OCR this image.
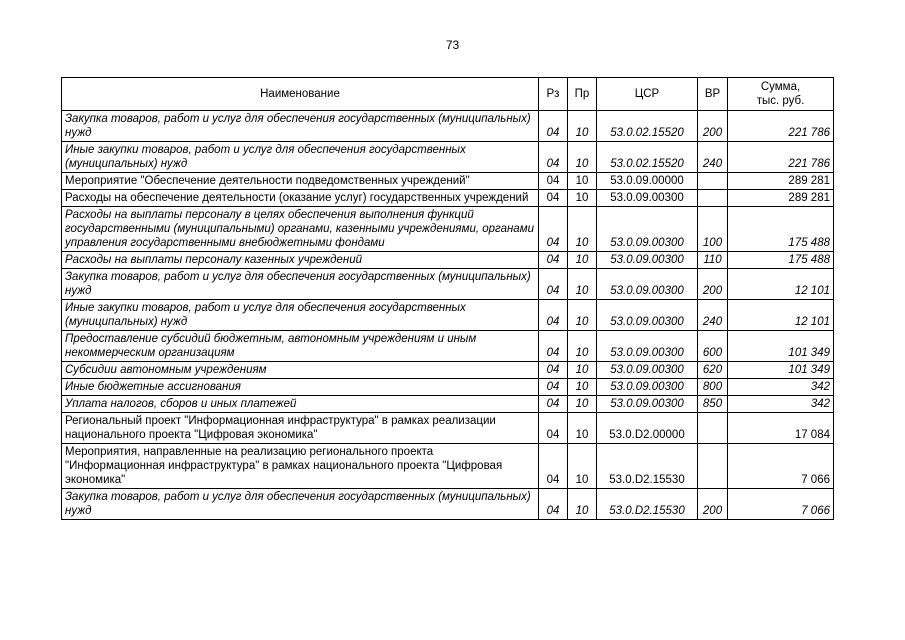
73
Наименование	Рз	Пр	ЦСР	ВР	Сумма,
тыс. руб.
Закупка товаров, работ и услуг для обеспечения государственных (муниципальных) нужд	04	10	53.0.02.15520	200	221 786
Иные закупки товаров, работ и услуг для обеспечения государственных (муниципальных) нужд	04	10	53.0.02.15520	240	221 786
Мероприятие "Обеспечение деятельности подведомственных учреждений"	04	10	53.0.09.00000		289 281
Расходы на обеспечение деятельности (оказание услуг) государственных учреждений	04	10	53.0.09.00300		289 281
Расходы на выплаты персоналу в целях обеспечения выполнения функций государственными (муниципальными) органами, казенными учреждениями, органами управления государственными внебюджетными фондами	04	10	53.0.09.00300	100	175 488
Расходы на выплаты персоналу казенных учреждений	04	10	53.0.09.00300	110	175 488
Закупка товаров, работ и услуг для обеспечения государственных (муниципальных) нужд	04	10	53.0.09.00300	200	12 101
Иные закупки товаров, работ и услуг для обеспечения государственных (муниципальных) нужд	04	10	53.0.09.00300	240	12 101
Предоставление субсидий бюджетным, автономным учреждениям и иным некоммерческим организациям	04	10	53.0.09.00300	600	101 349
Субсидии автономным учреждениям	04	10	53.0.09.00300	620	101 349
Иные бюджетные ассигнования	04	10	53.0.09.00300	800	342
Уплата налогов, сборов и иных платежей	04	10	53.0.09.00300	850	342
Региональный проект "Информационная инфраструктура" в рамках реализации национального проекта "Цифровая экономика"	04	10	53.0.D2.00000		17 084
Мероприятия, направленные на реализацию регионального проекта "Информационная инфраструктура" в рамках национального проекта "Цифровая экономика"	04	10	53.0.D2.15530		7 066
Закупка товаров, работ и услуг для обеспечения государственных (муниципальных) нужд	04	10	53.0.D2.15530	200	7 066
